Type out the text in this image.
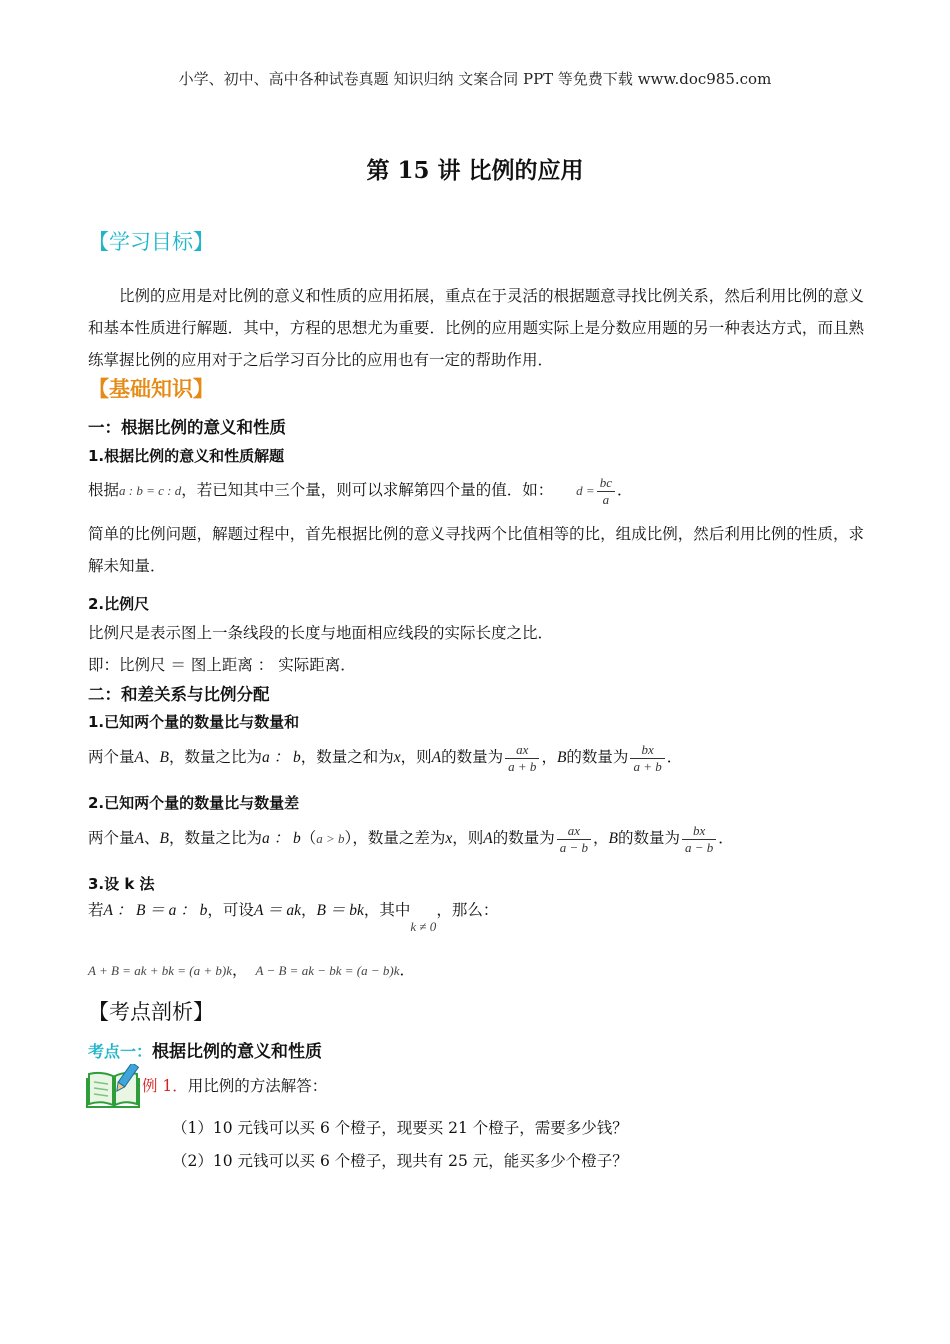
小学、初中、高中各种试卷真题 知识归纳 文案合同 PPT 等免费下载 www.doc985.com
第 15 讲 比例的应用
【学习目标】

比例的应用是对比例的意义和性质的应用拓展，重点在于灵活的根据题意寻找比例关系，然后利用比例的意义和基本性质进行解题．其中，方程的思想尤为重要．比例的应用题实际上是分数应用题的另一种表达方式，而且熟练掌握比例的应用对于之后学习百分比的应用也有一定的帮助作用．

【基础知识】
一：根据比例的意义和性质
1.根据比例的意义和性质解题
根据a : b = c : d，若已知其中三个量，则可以求解第四个量的值．如： $d = \frac{bc}{a}$ ．

简单的比例问题，解题过程中，首先根据比例的意义寻找两个比值相等的比，组成比例，然后利用比例的性质，求解未知量．

2.比例尺
比例尺是表示图上一条线段的长度与地面相应线段的实际长度之比．
即：比例尺 ＝ 图上距离 ： 实际距离．
二：和差关系与比例分配
1.已知两个量的数量比与数量和
两个量A、B，数量之比为a ： b，数量之和为x，则A的数量为 $\frac{ax}{a + b}$ ，B的数量为 $\frac{bx}{a + b}$ ．
2.已知两个量的数量比与数量差
两个量A、B，数量之比为a ： b（a > b），数量之差为x，则A的数量为 $\frac{ax}{a - b}$ ，B的数量为 $\frac{bx}{a - b}$ ．
3.设 k 法
若A ： B ＝ a ： b，可设A ＝ ak，B ＝ bk，其中$_{k \ne 0}$，那么：
A + B = ak + bk = (a + b)k， A − B = ak − bk = (a − b)k．
【考点剖析】
考点一：根据比例的意义和性质
例 1．用比例的方法解答：
（1）10 元钱可以买 6 个橙子，现要买 21 个橙子，需要多少钱？
（2）10 元钱可以买 6 个橙子，现共有 25 元，能买多少个橙子？
